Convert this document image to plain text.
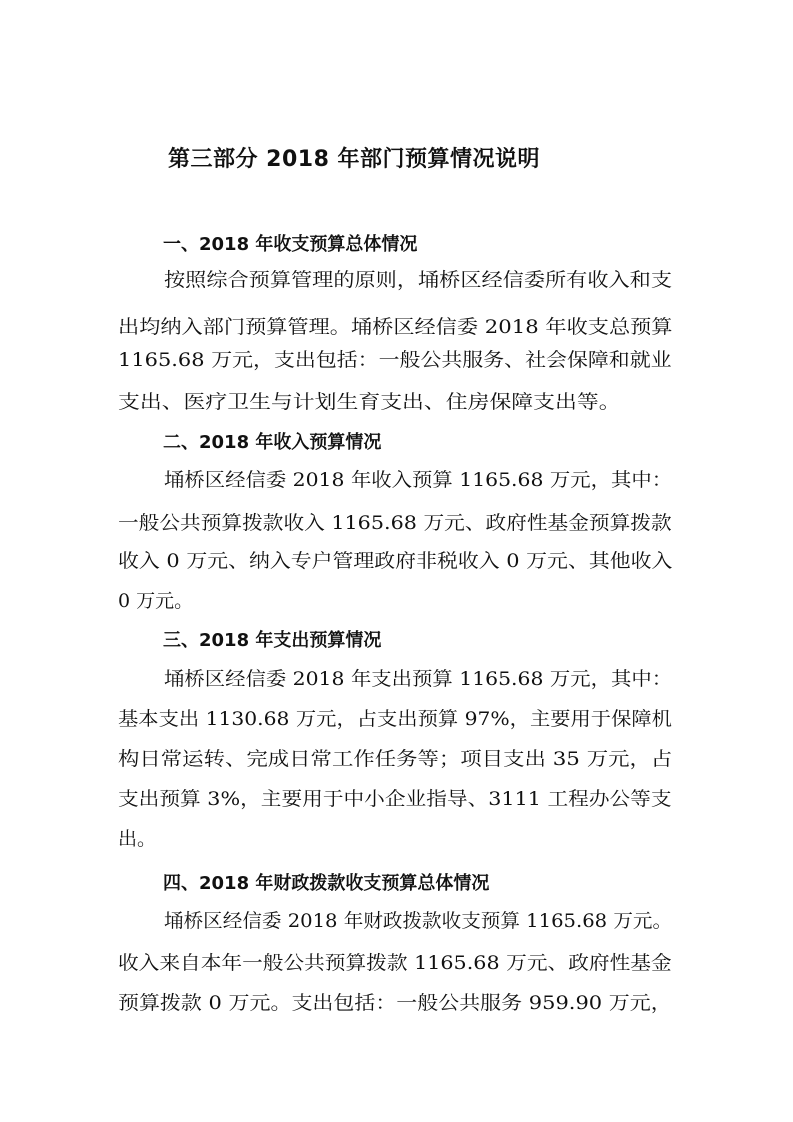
第三部分 2018 年部门预算情况说明
一、2018 年收支预算总体情况
按照综合预算管理的原则，埇桥区经信委所有收入和支
出均纳入部门预算管理。埇桥区经信委 2018 年收支总预算
1165.68 万元，支出包括：一般公共服务、社会保障和就业
支出、医疗卫生与计划生育支出、住房保障支出等。
二、2018 年收入预算情况
埇桥区经信委 2018 年收入预算 1165.68 万元，其中：
一般公共预算拨款收入 1165.68 万元、政府性基金预算拨款
收入 0 万元、纳入专户管理政府非税收入 0 万元、其他收入
0 万元。
三、2018 年支出预算情况
埇桥区经信委 2018 年支出预算 1165.68 万元，其中：
基本支出 1130.68 万元，占支出预算 97%，主要用于保障机
构日常运转、完成日常工作任务等；项目支出 35 万元，占
支出预算 3%，主要用于中小企业指导、3111 工程办公等支
出。
四、2018 年财政拨款收支预算总体情况
埇桥区经信委 2018 年财政拨款收支预算 1165.68 万元。
收入来自本年一般公共预算拨款 1165.68 万元、政府性基金
预算拨款 0 万元。支出包括：一般公共服务 959.90 万元，
